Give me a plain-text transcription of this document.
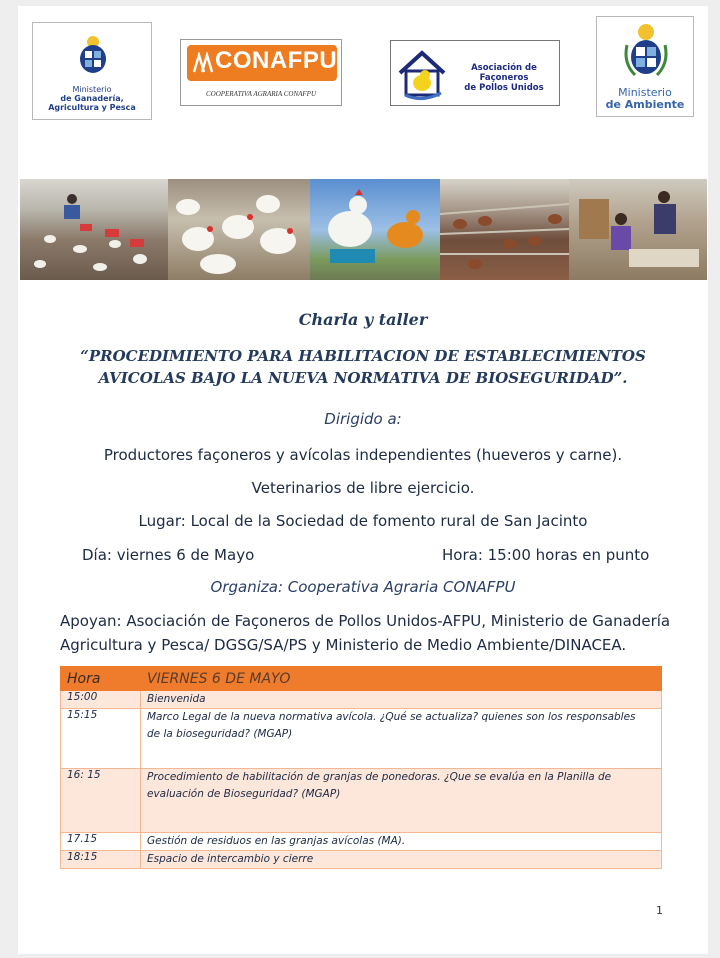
Ministerio
de Ganadería,
Agricultura y Pesca
CONAFPU
COOPERATIVA AGRARIA CONAFPU
Asociación de Façoneros
de Pollos Unidos	Ministerio
de Ambiente
Charla y taller
“PROCEDIMIENTO PARA HABILITACION DE ESTABLECIMIENTOS
AVICOLAS BAJO LA NUEVA NORMATIVA DE BIOSEGURIDAD”.
Dirigido a:
Productores façoneros y avícolas independientes (hueveros y carne).
Veterinarios de libre ejercicio.
Lugar: Local de la Sociedad de fomento rural de San Jacinto
Día: viernes 6 de Mayo	Hora: 15:00 horas en punto
Organiza: Cooperativa Agraria CONAFPU
Apoyan: Asociación de Façoneros de Pollos Unidos-AFPU, Ministerio de Ganadería Agricultura y Pesca/ DGSG/SA/PS y Ministerio de Medio Ambiente/DINACEA.
Hora	VIERNES 6 DE MAYO
15:00	Bienvenida
15:15	Marco Legal de la nueva normativa avícola. ¿Qué se actualiza? quienes son los responsables
de la bioseguridad? (MGAP)
16: 15	Procedimiento de habilitación de granjas de ponedoras. ¿Que se evalúa en la Planilla de
evaluación de Bioseguridad? (MGAP)
17.15	Gestión de residuos en las granjas avícolas (MA).
18:15	Espacio de intercambio y cierre
1
